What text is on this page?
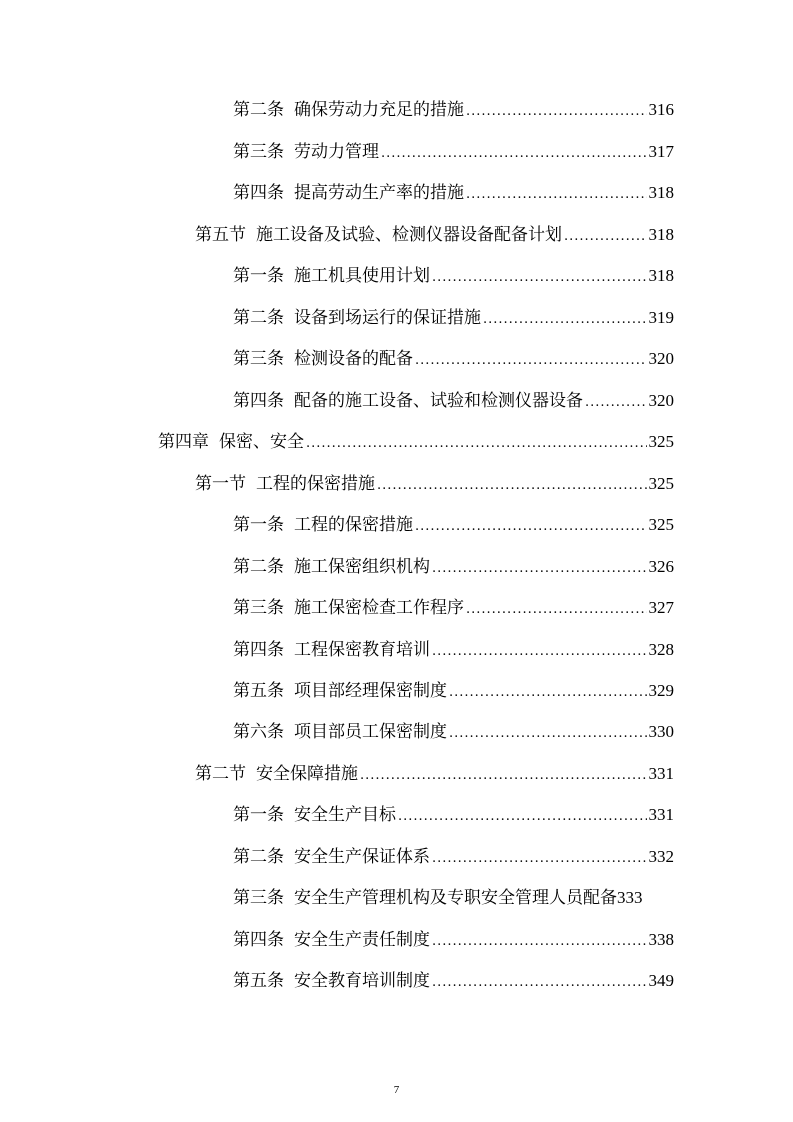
第二条 确保劳动力充足的措施 .....	316
第三条 劳动力管理 .....	317
第四条 提高劳动生产率的措施 .....	318
第五节 施工设备及试验、检测仪器设备配备计划 .....	318
第一条 施工机具使用计划 .....	318
第二条 设备到场运行的保证措施 .....	319
第三条 检测设备的配备 .....	320
第四条 配备的施工设备、试验和检测仪器设备 .....	320
第四章 保密、安全 .....	325
第一节 工程的保密措施 .....	325
第一条 工程的保密措施 .....	325
第二条 施工保密组织机构 .....	326
第三条 施工保密检查工作程序 .....	327
第四条 工程保密教育培训 .....	328
第五条 项目部经理保密制度 .....	329
第六条 项目部员工保密制度 .....	330
第二节 安全保障措施 .....	331
第一条 安全生产目标 .....	331
第二条 安全生产保证体系 .....	332
第三条 安全生产管理机构及专职安全管理人员配备 333
第四条 安全生产责任制度 .....	338
第五条 安全教育培训制度 .....	349
7
